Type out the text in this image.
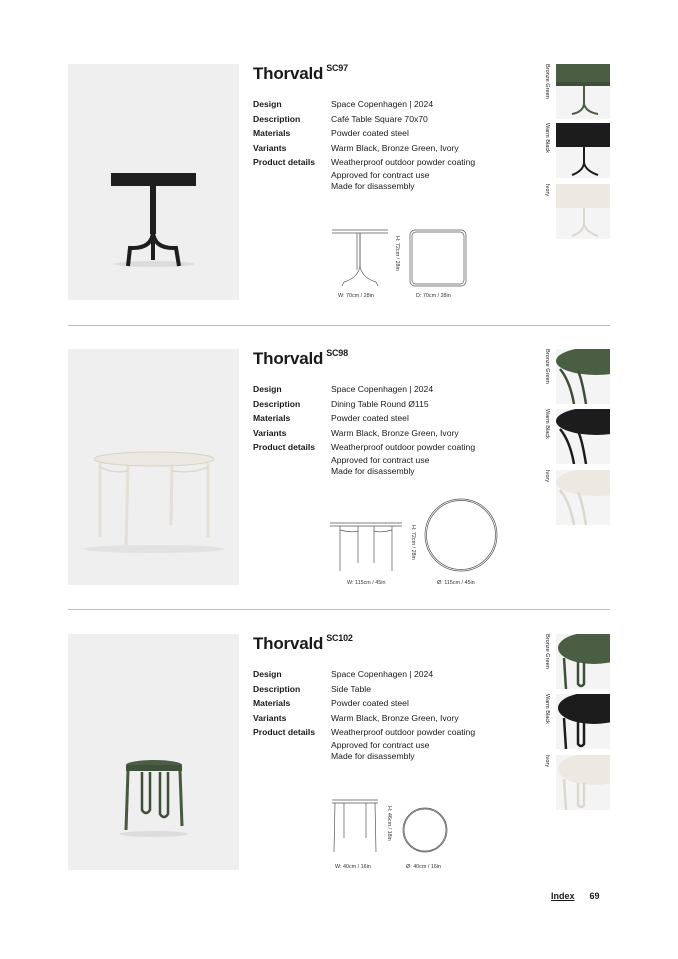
Thorvald $^{SC97}$
Design	Space Copenhagen | 2024
Description	Café Table Square 70x70
Materials	Powder coated steel
Variants	Warm Black, Bronze Green, Ivory
Product details	Weatherproof outdoor powder coating
Approved for contract use
Made for disassembly
W: 70cm / 28in	D: 70cm / 28in
H: 72cm / 28in
Bronze Green
Warm Black
Ivory
Thorvald $^{SC98}$
Design	Space Copenhagen | 2024
Description	Dining Table Round Ø115
Materials	Powder coated steel
Variants	Warm Black, Bronze Green, Ivory
Product details	Weatherproof outdoor powder coating
Approved for contract use
Made for disassembly
W: 115cm / 45in	Ø: 115cm / 45in
H: 72cm / 28in
Bronze Green
Warm Black
Ivory
Thorvald $^{SC102}$
Design	Space Copenhagen | 2024
Description	Side Table
Materials	Powder coated steel
Variants	Warm Black, Bronze Green, Ivory
Product details	Weatherproof outdoor powder coating
Approved for contract use
Made for disassembly
W: 40cm / 16in	Ø: 40cm / 16in
H: 46cm / 18in
Bronze Green
Warm Black
Ivory
Index 69
